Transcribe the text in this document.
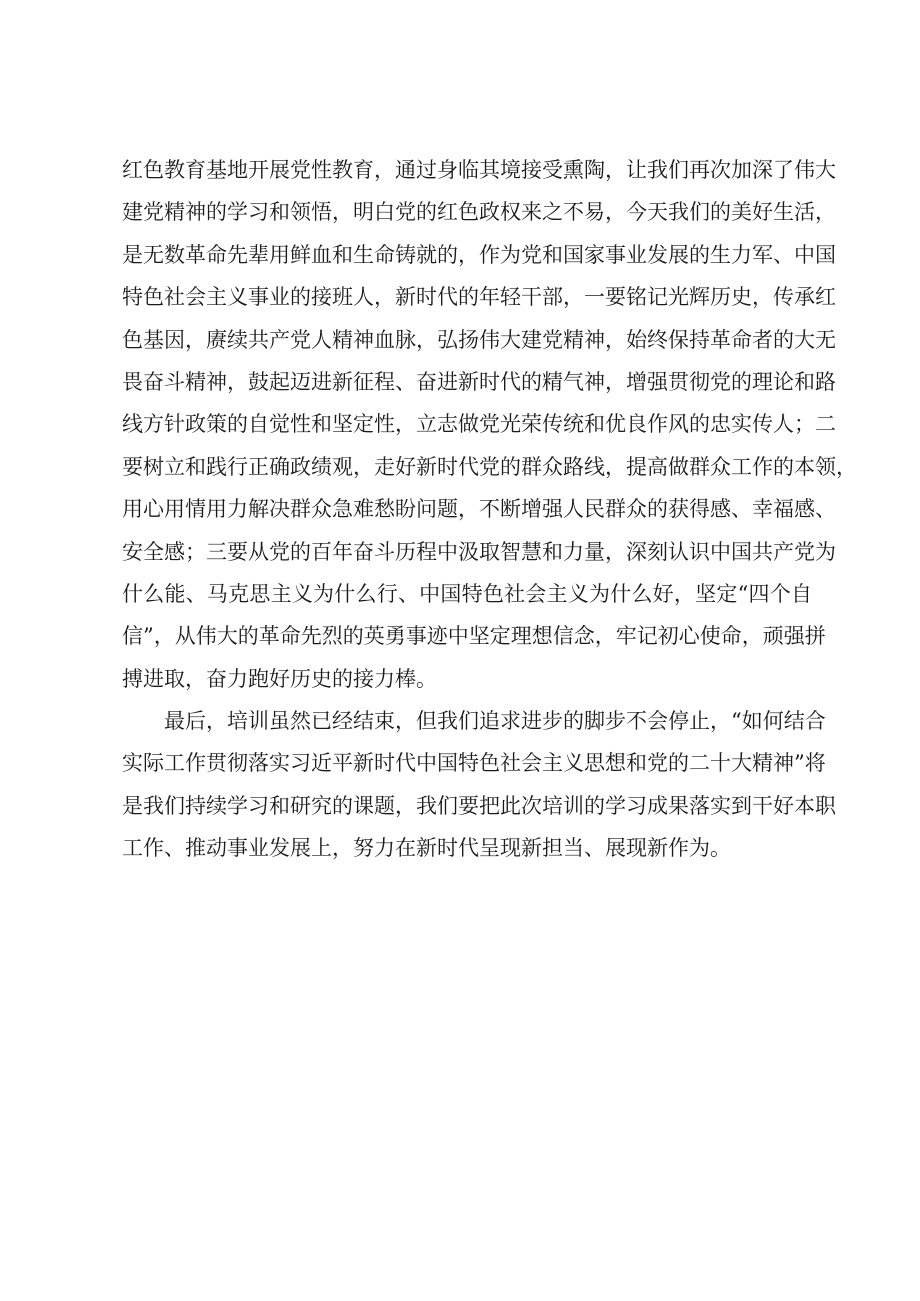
红色教育基地开展党性教育，通过身临其境接受熏陶，让我们再次加深了伟大
建党精神的学习和领悟，明白党的红色政权来之不易，今天我们的美好生活，
是无数革命先辈用鲜血和生命铸就的，作为党和国家事业发展的生力军、中国
特色社会主义事业的接班人，新时代的年轻干部，一要铭记光辉历史，传承红
色基因，赓续共产党人精神血脉，弘扬伟大建党精神，始终保持革命者的大无
畏奋斗精神，鼓起迈进新征程、奋进新时代的精气神，增强贯彻党的理论和路
线方针政策的自觉性和坚定性，立志做党光荣传统和优良作风的忠实传人；二
要树立和践行正确政绩观，走好新时代党的群众路线，提高做群众工作的本领，
用心用情用力解决群众急难愁盼问题，不断增强人民群众的获得感、幸福感、
安全感；三要从党的百年奋斗历程中汲取智慧和力量，深刻认识中国共产党为
什么能、马克思主义为什么行、中国特色社会主义为什么好，坚定“四个自
信”，从伟大的革命先烈的英勇事迹中坚定理想信念，牢记初心使命，顽强拼
搏进取，奋力跑好历史的接力棒。
最后，培训虽然已经结束，但我们追求进步的脚步不会停止，“如何结合
实际工作贯彻落实习近平新时代中国特色社会主义思想和党的二十大精神”将
是我们持续学习和研究的课题，我们要把此次培训的学习成果落实到干好本职
工作、推动事业发展上，努力在新时代呈现新担当、展现新作为。
